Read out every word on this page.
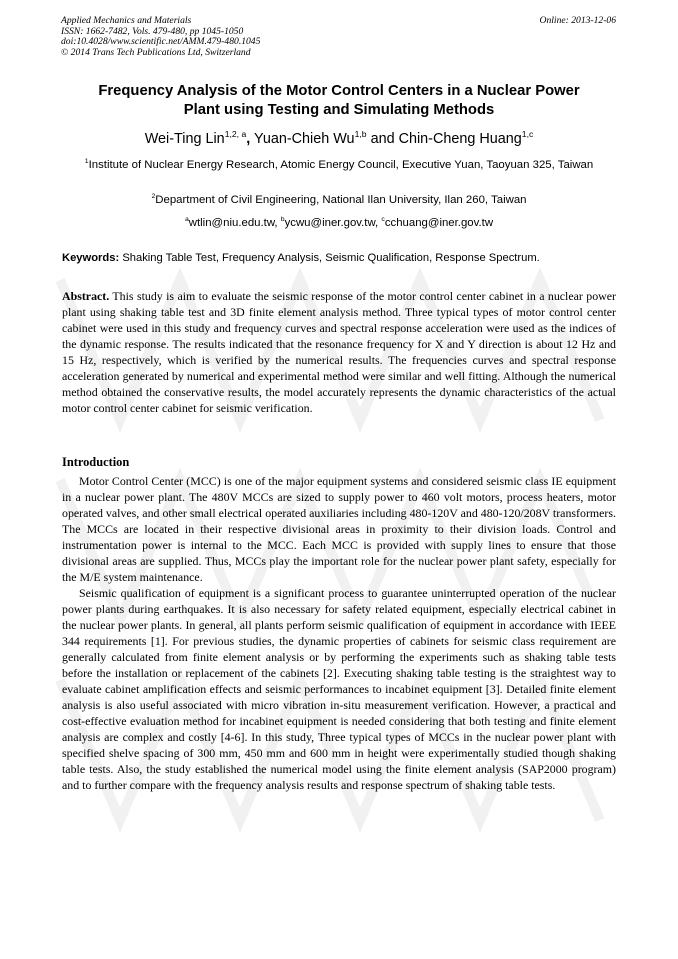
Applied Mechanics and Materials
ISSN: 1662-7482, Vols. 479-480, pp 1045-1050
doi:10.4028/www.scientific.net/AMM.479-480.1045
© 2014 Trans Tech Publications Ltd, Switzerland
Online: 2013-12-06
Frequency Analysis of the Motor Control Centers in a Nuclear Power
Plant using Testing and Simulating Methods
Wei-Ting Lin$^{1,2, a}$, Yuan-Chieh Wu$^{1,b}$ and Chin-Cheng Huang$^{1,c}$
$^1$Institute of Nuclear Energy Research, Atomic Energy Council, Executive Yuan, Taoyuan 325, Taiwan
$^2$Department of Civil Engineering, National Ilan University, Ilan 260, Taiwan
$^a$wtlin@niu.edu.tw, $^b$ycwu@iner.gov.tw, $^c$cchuang@iner.gov.tw
Keywords: Shaking Table Test, Frequency Analysis, Seismic Qualification, Response Spectrum.

Abstract. This study is aim to evaluate the seismic response of the motor control center cabinet in a nuclear power plant using shaking table test and 3D finite element analysis method. Three typical types of motor control center cabinet were used in this study and frequency curves and spectral response acceleration were used as the indices of the dynamic response. The results indicated that the resonance frequency for X and Y direction is about 12 Hz and 15 Hz, respectively, which is verified by the numerical results. The frequencies curves and spectral response acceleration generated by numerical and experimental method were similar and well fitting. Although the numerical method obtained the conservative results, the model accurately represents the dynamic characteristics of the actual motor control center cabinet for seismic verification.

Introduction

Motor Control Center (MCC) is one of the major equipment systems and considered seismic class IE equipment in a nuclear power plant. The 480V MCCs are sized to supply power to 460 volt motors, process heaters, motor operated valves, and other small electrical operated auxiliaries including 480-120V and 480-120/208V transformers. The MCCs are located in their respective divisional areas in proximity to their division loads. Control and instrumentation power is internal to the MCC. Each MCC is provided with supply lines to ensure that those divisional areas are supplied. Thus, MCCs play the important role for the nuclear power plant safety, especially for the M/E system maintenance.

Seismic qualification of equipment is a significant process to guarantee uninterrupted operation of the nuclear power plants during earthquakes. It is also necessary for safety related equipment, especially electrical cabinet in the nuclear power plants. In general, all plants perform seismic qualification of equipment in accordance with IEEE 344 requirements [1]. For previous studies, the dynamic properties of cabinets for seismic class requirement are generally calculated from finite element analysis or by performing the experiments such as shaking table tests before the installation or replacement of the cabinets [2]. Executing shaking table testing is the straightest way to evaluate cabinet amplification effects and seismic performances to incabinet equipment [3]. Detailed finite element analysis is also useful associated with micro vibration in-situ measurement verification. However, a practical and cost-effective evaluation method for incabinet equipment is needed considering that both testing and finite element analysis are complex and costly [4-6]. In this study, Three typical types of MCCs in the nuclear power plant with specified shelve spacing of 300 mm, 450 mm and 600 mm in height were experimentally studied though shaking table tests. Also, the study established the numerical model using the finite element analysis (SAP2000 program) and to further compare with the frequency analysis results and response spectrum of shaking table tests.
